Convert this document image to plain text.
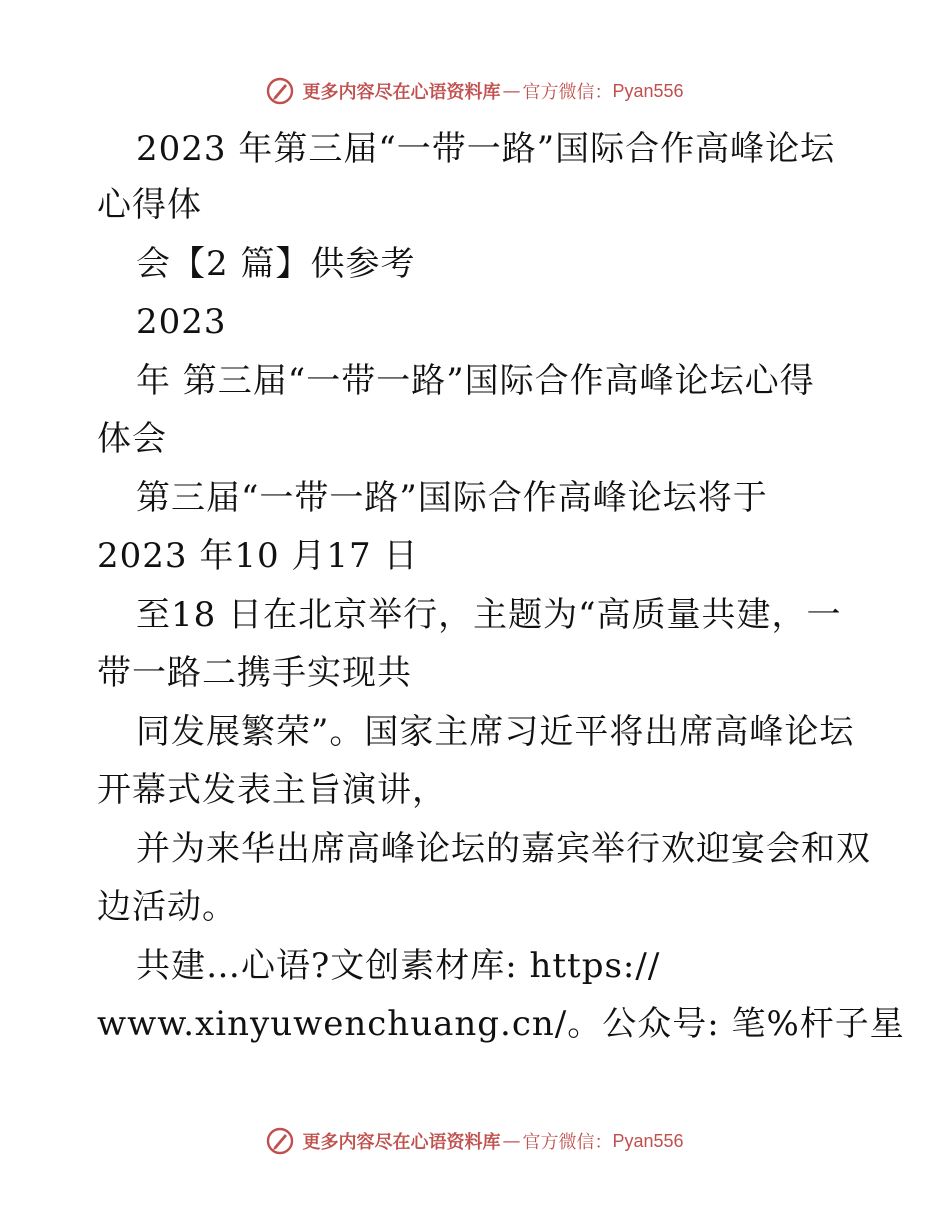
更多内容尽在心语资料库 — 官方微信： Pyan556
2023 年第三届“一带一路”国际合作高峰论坛
心得体
会【2 篇】供参考
2023
年 第三届“一带一路”国际合作高峰论坛心得
体会
第三届“一带一路”国际合作高峰论坛将于
2023 年10 月17 日
至18 日在北京举行，主题为“高质量共建，一
带一路二携手实现共
同发展繁荣”。国家主席习近平将出席高峰论坛
开幕式发表主旨演讲，
并为来华出席高峰论坛的嘉宾举行欢迎宴会和双
边活动。
共建…心语?文创素材库: https://
www.xinyuwenchuang.cn/。公众号: 笔%杆子星
更多内容尽在心语资料库 — 官方微信： Pyan556
